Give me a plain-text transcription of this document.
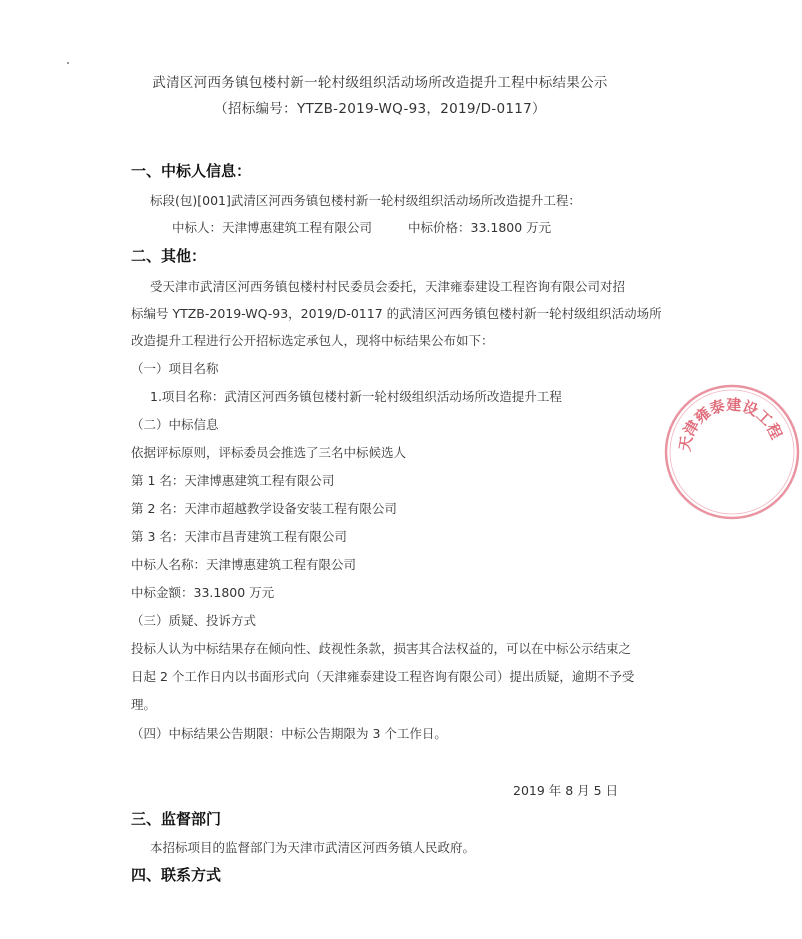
武清区河西务镇包楼村新一轮村级组织活动场所改造提升工程中标结果公示
（招标编号：YTZB-2019-WQ-93，2019/D-0117）
一、中标人信息：
标段(包)[001]武清区河西务镇包楼村新一轮村级组织活动场所改造提升工程：
中标人：天津博惠建筑工程有限公司	中标价格：33.1800 万元
二、其他：
受天津市武清区河西务镇包楼村村民委员会委托，天津雍泰建设工程咨询有限公司对招
标编号 YTZB-2019-WQ-93，2019/D-0117 的武清区河西务镇包楼村新一轮村级组织活动场所
改造提升工程进行公开招标选定承包人，现将中标结果公布如下：
（一）项目名称
1.项目名称：武清区河西务镇包楼村新一轮村级组织活动场所改造提升工程
（二）中标信息
依据评标原则，评标委员会推选了三名中标候选人
第 1 名：天津博惠建筑工程有限公司
第 2 名：天津市超越教学设备安装工程有限公司
第 3 名：天津市昌青建筑工程有限公司
中标人名称：天津博惠建筑工程有限公司
中标金额：33.1800 万元
（三）质疑、投诉方式
投标人认为中标结果存在倾向性、歧视性条款，损害其合法权益的，可以在中标公示结束之
日起 2 个工作日内以书面形式向（天津雍泰建设工程咨询有限公司）提出质疑，逾期不予受
理。
（四）中标结果公告期限：中标公告期限为 3 个工作日。
2019 年 8 月 5 日
三、监督部门
本招标项目的监督部门为天津市武清区河西务镇人民政府。
四、联系方式
天津雍泰建设工程
